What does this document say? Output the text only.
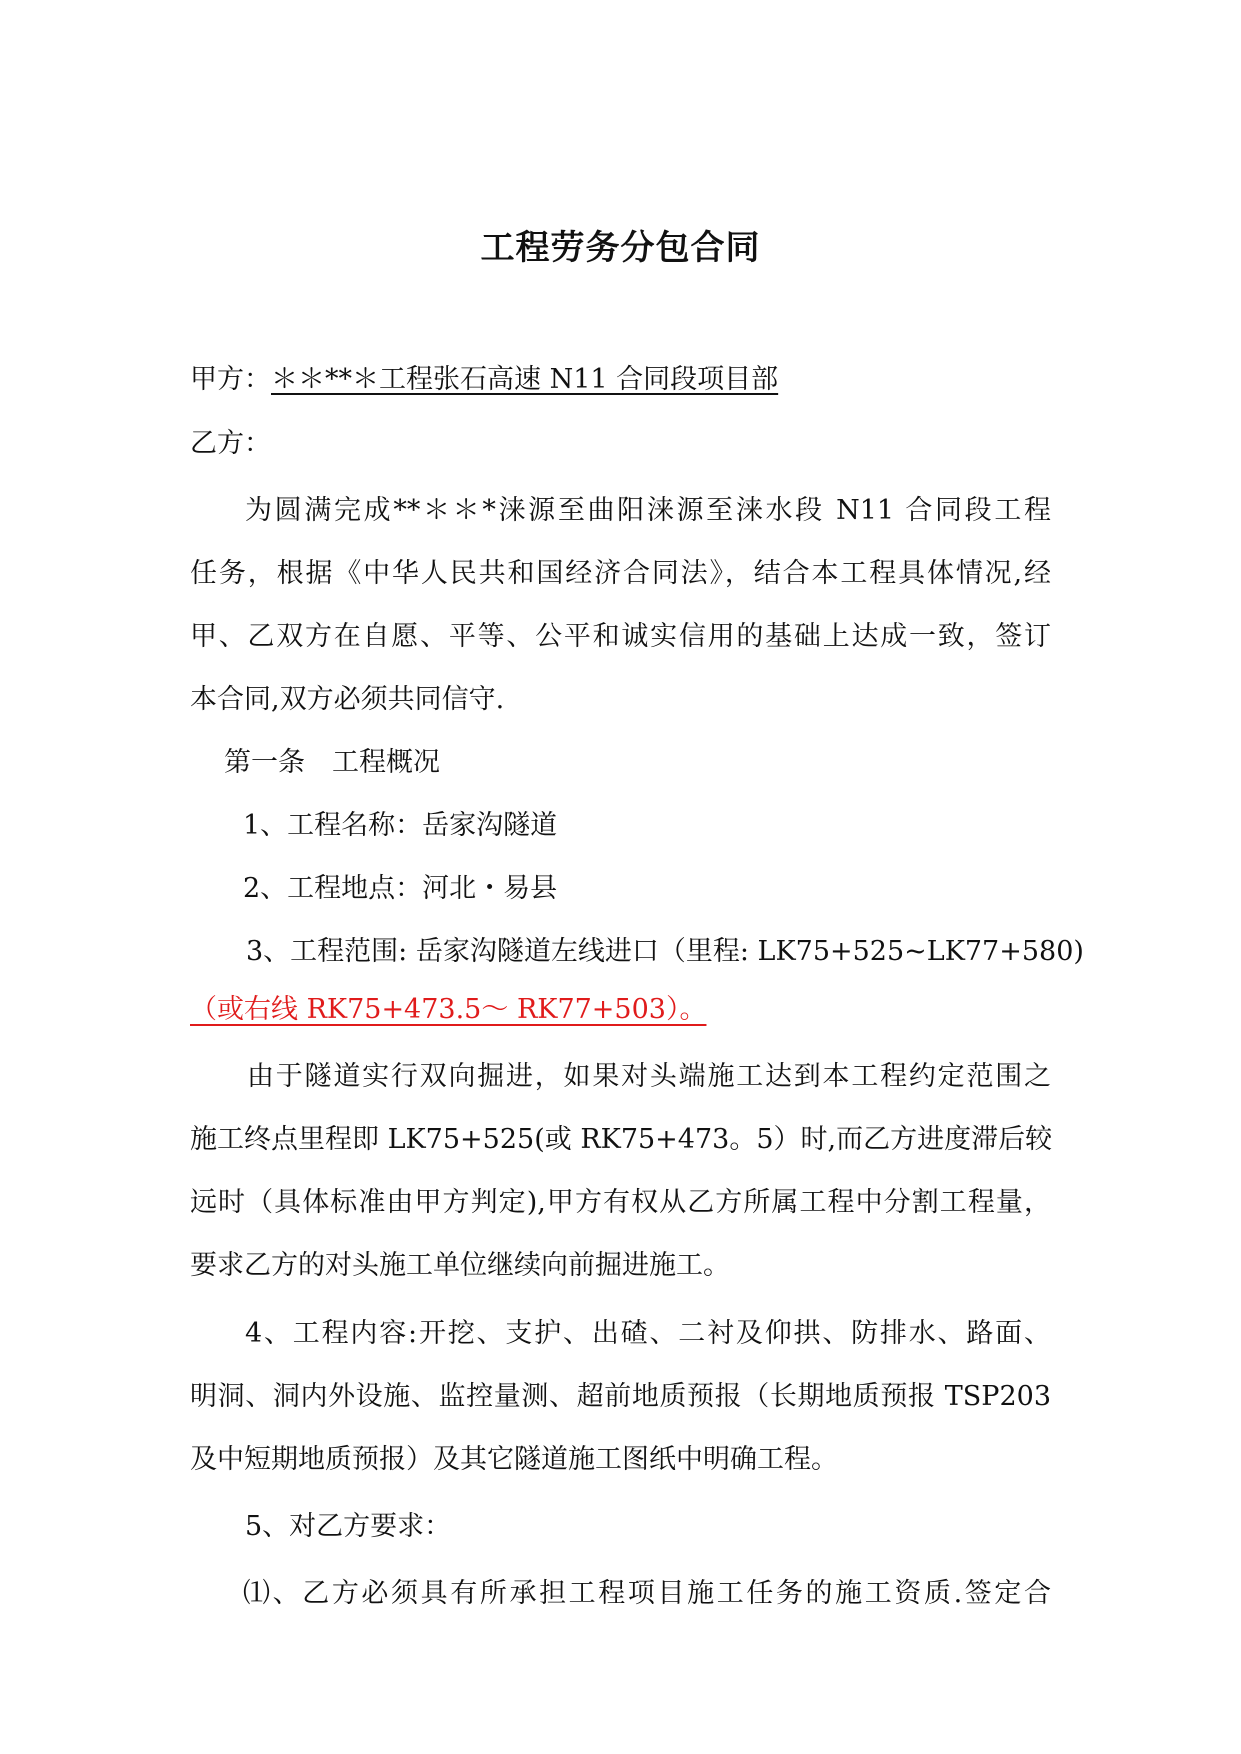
工程劳务分包合同
甲方：＊＊**＊工程张石高速 N11 合同段项目部
乙方：
为圆满完成**＊＊*涞源至曲阳涞源至涞水段 N11 合同段工程
任务，根据《中华人民共和国经济合同法》，结合本工程具体情况,经
甲、乙双方在自愿、平等、公平和诚实信用的基础上达成一致，签订
本合同,双方必须共同信守.
第一条　工程概况
1、工程名称：岳家沟隧道
2、工程地点：河北・易县
3、工程范围: 岳家沟隧道左线进口（里程: LK75+525~LK77+580)
（或右线 RK75+473.5～ RK77+503）。
由于隧道实行双向掘进，如果对头端施工达到本工程约定范围之
施工终点里程即 LK75+525(或 RK75+473。5）时,而乙方进度滞后较
远时（具体标准由甲方判定),甲方有权从乙方所属工程中分割工程量，
要求乙方的对头施工单位继续向前掘进施工。
4、工程内容:开挖、支护、出碴、二衬及仰拱、防排水、路面、
明洞、洞内外设施、监控量测、超前地质预报（长期地质预报 TSP203
及中短期地质预报）及其它隧道施工图纸中明确工程。
5、对乙方要求：
⑴、乙方必须具有所承担工程项目施工任务的施工资质.签定合
